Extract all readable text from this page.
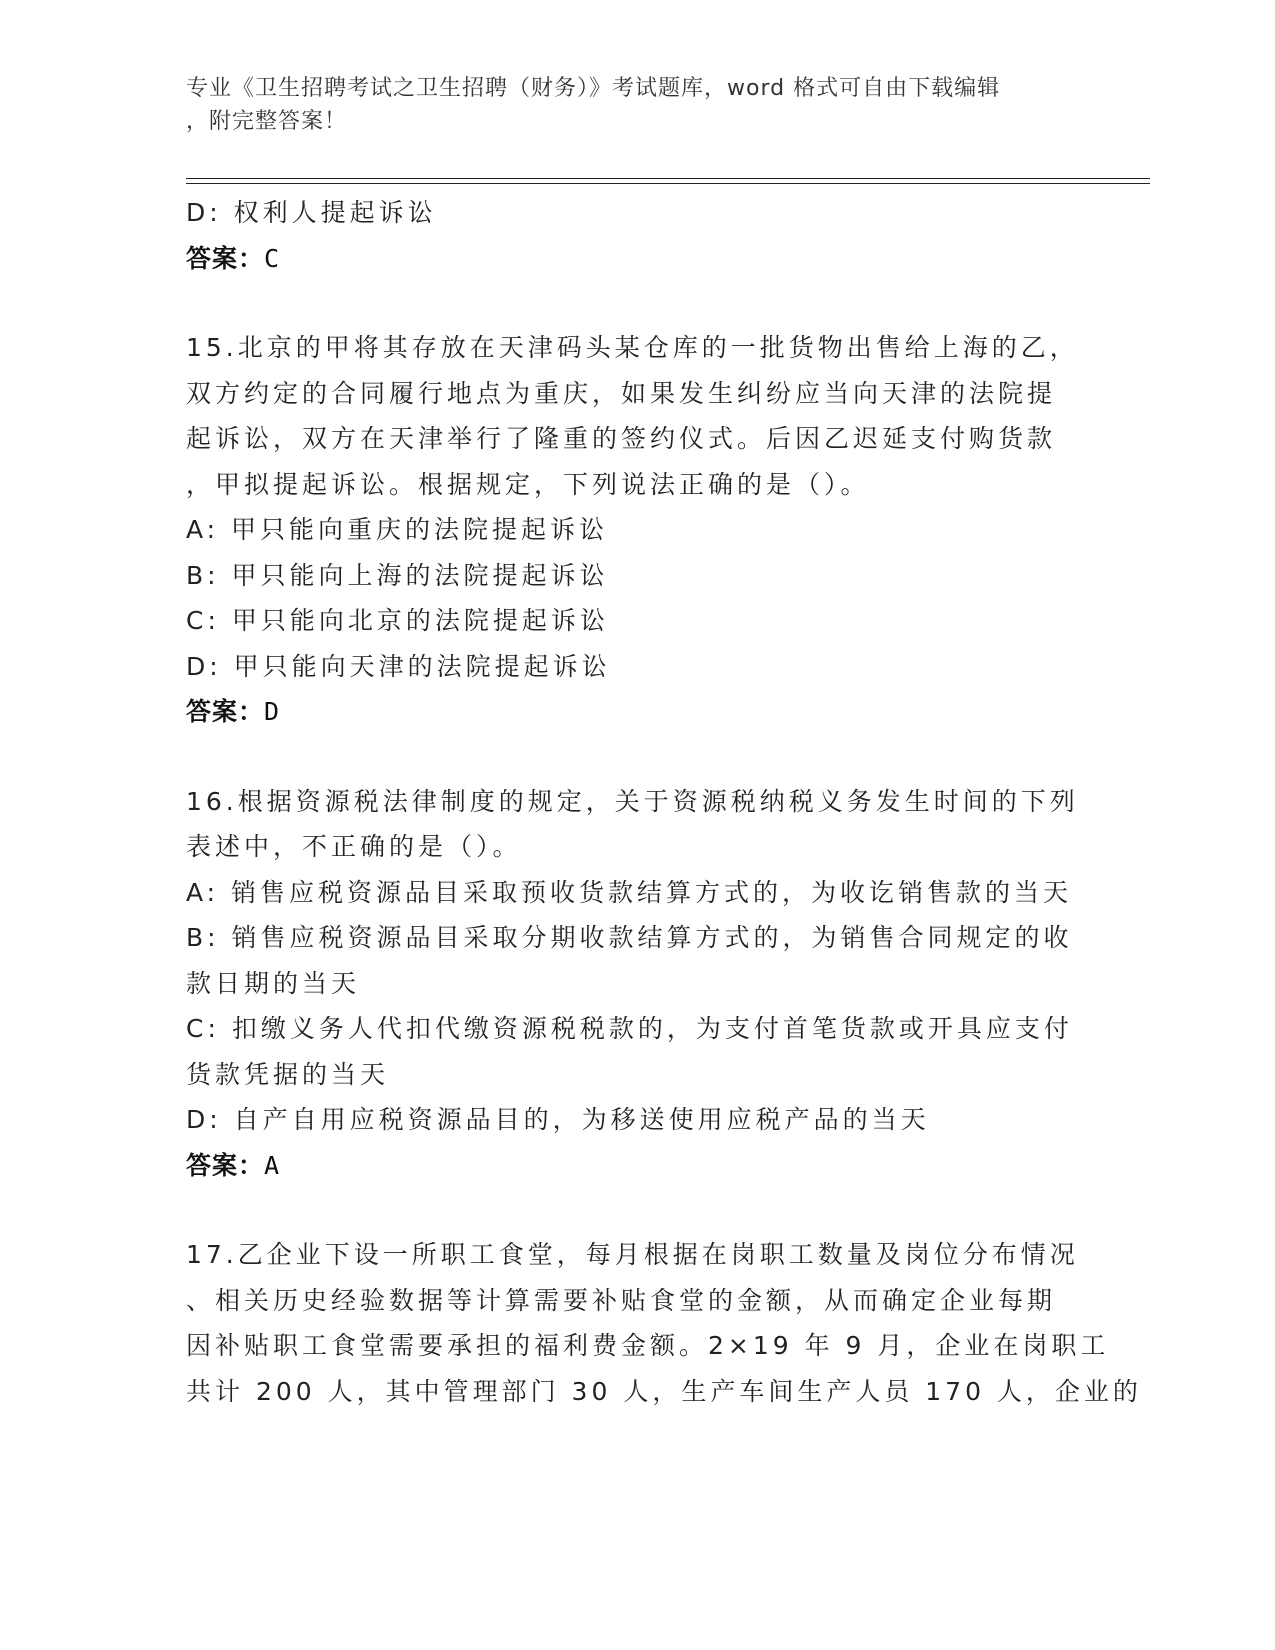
专业《卫生招聘考试之卫生招聘（财务）》考试题库，word 格式可自由下载编辑
，附完整答案！
D: 权利人提起诉讼
答案：C
15.北京的甲将其存放在天津码头某仓库的一批货物出售给上海的乙，
双方约定的合同履行地点为重庆，如果发生纠纷应当向天津的法院提
起诉讼，双方在天津举行了隆重的签约仪式。后因乙迟延支付购货款
，甲拟提起诉讼。根据规定，下列说法正确的是（）。
A: 甲只能向重庆的法院提起诉讼
B: 甲只能向上海的法院提起诉讼
C: 甲只能向北京的法院提起诉讼
D: 甲只能向天津的法院提起诉讼
答案：D
16.根据资源税法律制度的规定，关于资源税纳税义务发生时间的下列
表述中，不正确的是（）。
A: 销售应税资源品目采取预收货款结算方式的，为收讫销售款的当天
B: 销售应税资源品目采取分期收款结算方式的，为销售合同规定的收
款日期的当天
C: 扣缴义务人代扣代缴资源税税款的，为支付首笔货款或开具应支付
货款凭据的当天
D: 自产自用应税资源品目的，为移送使用应税产品的当天
答案：A
17.乙企业下设一所职工食堂，每月根据在岗职工数量及岗位分布情况
、相关历史经验数据等计算需要补贴食堂的金额，从而确定企业每期
因补贴职工食堂需要承担的福利费金额。2×19 年 9 月，企业在岗职工
共计 200 人，其中管理部门 30 人，生产车间生产人员 170 人，企业的
